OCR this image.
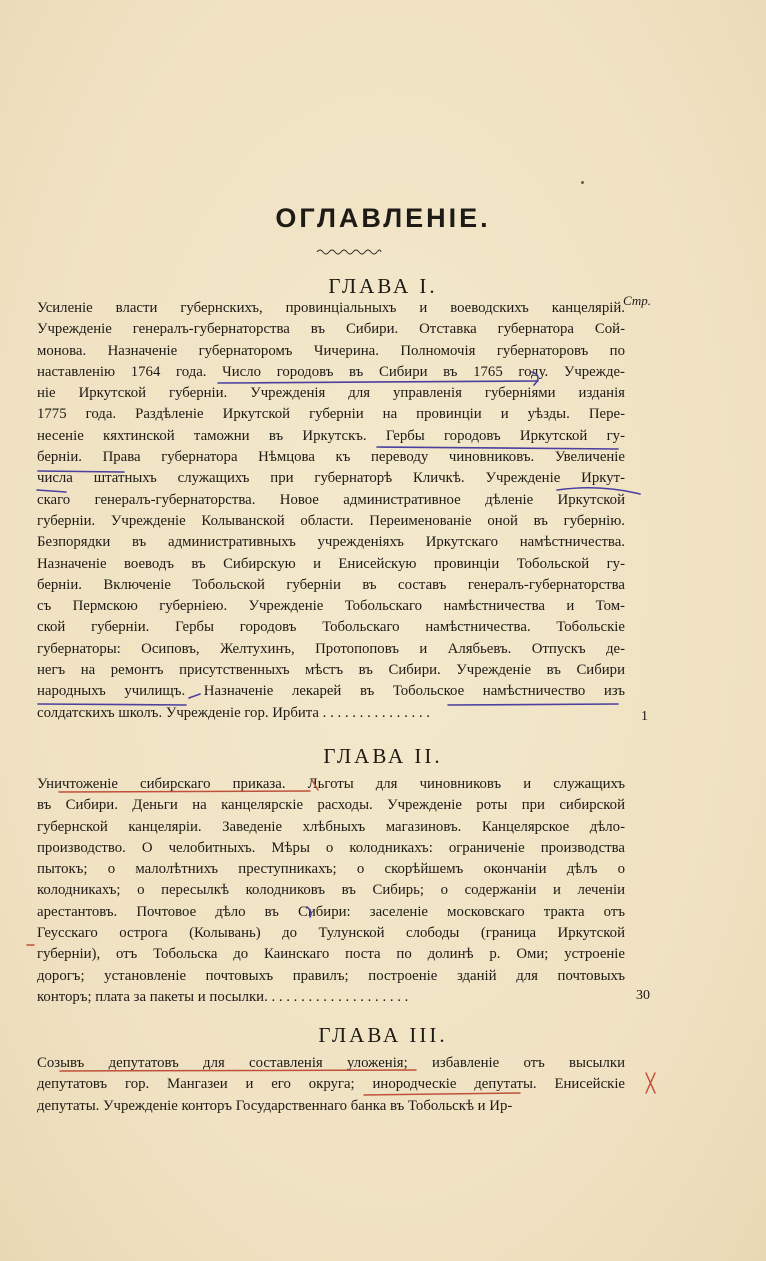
ОГЛАВЛЕНІЕ.
Стр.
ГЛАВА I.
Усиленіе власти губернскихъ, провинціальныхъ и воеводскихъ канцелярій.
Учрежденіе генералъ-губернаторства въ Сибири. Отставка губернатора Сой-
монова. Назначеніе губернаторомъ Чичерина. Полномочія губернаторовъ по
наставленію 1764 года. Число городовъ въ Сибири въ 1765 году. Учрежде-
ніе Иркутской губерніи. Учрежденія для управленія губерніями изданія
1775 года. Раздѣленіе Иркутской губерніи на провинціи и уѣзды. Пере-
несеніе кяхтинской таможни въ Иркутскъ. Гербы городовъ Иркутской гу-
берніи. Права губернатора Нѣмцова къ переводу чиновниковъ. Увеличеніе
числа штатныхъ служащихъ при губернаторѣ Кличкѣ. Учрежденіе Иркут-
скаго генералъ-губернаторства. Новое административное дѣленіе Иркутской
губерніи. Учрежденіе Колыванской области. Переименованіе оной въ губернію.
Безпорядки въ административныхъ учрежденіяхъ Иркутскаго намѣстничества.
Назначеніе воеводъ въ Сибирскую и Енисейскую провинціи Тобольской гу-
берніи. Включеніе Тобольской губерніи въ составъ генералъ-губернаторства
съ Пермскою губерніею. Учрежденіе Тобольскаго намѣстничества и Том-
ской губерніи. Гербы городовъ Тобольскаго намѣстничества. Тобольскіе
губернаторы: Осиповъ, Желтухинъ, Протопоповъ и Алябьевъ. Отпускъ де-
негъ на ремонтъ присутственныхъ мѣстъ въ Сибири. Учрежденіе въ Сибири
народныхъ училищъ. Назначеніе лекарей въ Тобольское намѣстничество изъ
солдатскихъ школъ. Учрежденіе гор. Ирбита . . . . . . . . . . . . . . .	1
ГЛАВА II.
Уничтоженіе сибирскаго приказа. Льготы для чиновниковъ и служащихъ
въ Сибири. Деньги на канцелярскіе расходы. Учрежденіе роты при сибирской
губернской канцеляріи. Заведеніе хлѣбныхъ магазиновъ. Канцелярское дѣло-
производство. О челобитныхъ. Мѣры о колодникахъ: ограниченіе производства
пытокъ; о малолѣтнихъ преступникахъ; о скорѣйшемъ окончаніи дѣлъ о
колодникахъ; о пересылкѣ колодниковъ въ Сибирь; о содержаніи и леченіи
арестантовъ. Почтовое дѣло въ Сибири: заселеніе московскаго тракта отъ
Геусскаго острога (Колывань) до Тулунской слободы (граница Иркутской
губерніи), отъ Тобольска до Каинскаго поста по долинѣ р. Оми; устроеніе
дорогъ; установленіе почтовыхъ правилъ; построеніе зданій для почтовыхъ
конторъ; плата за пакеты и посылки. . . . . . . . . . . . . . . . . . . .	30
ГЛАВА III.
Созывъ депутатовъ для составленія уложенія; избавленіе отъ высылки
депутатовъ гор. Мангазеи и его округа; инородческіе депутаты. Енисейскіе
депутаты. Учрежденіе конторъ Государственнаго банка въ Тобольскѣ и Ир-
